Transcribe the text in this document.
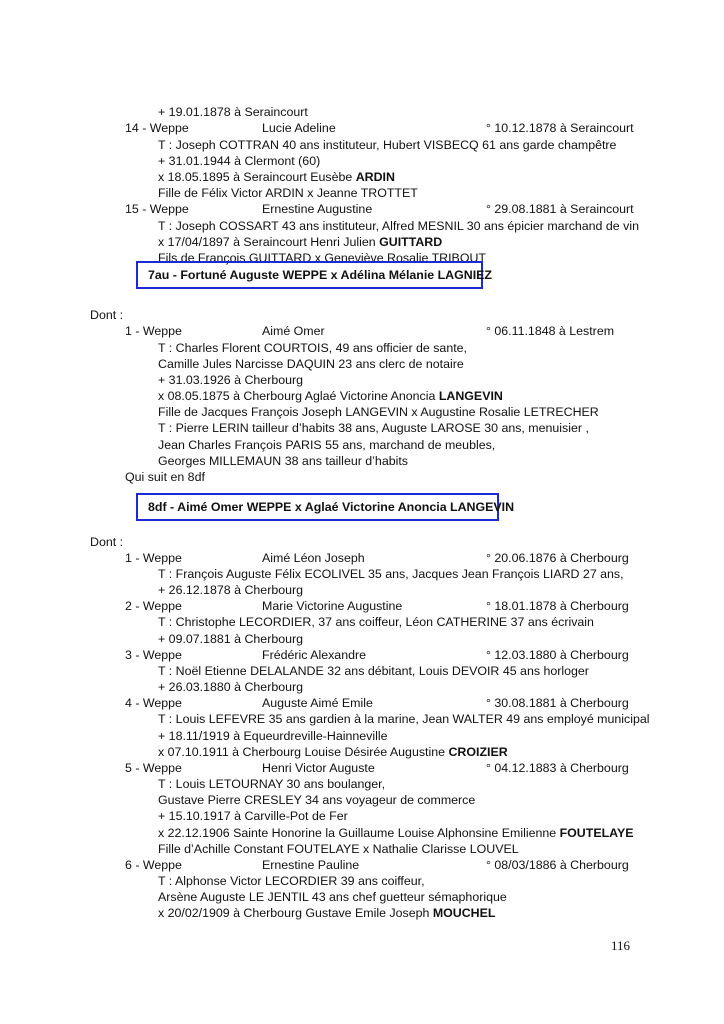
+ 19.01.1878 à Seraincourt
14 - Weppe	Lucie Adeline	° 10.12.1878 à Seraincourt
T : Joseph COTTRAN 40 ans instituteur, Hubert VISBECQ 61 ans garde champêtre
+ 31.01.1944 à Clermont (60)
x 18.05.1895 à Seraincourt Eusèbe ARDIN
Fille de Félix Victor ARDIN x Jeanne TROTTET
15 - Weppe	Ernestine Augustine	° 29.08.1881 à Seraincourt
T : Joseph COSSART 43 ans instituteur, Alfred MESNIL 30 ans épicier marchand de vin
x 17/04/1897 à Seraincourt Henri Julien GUITTARD
Fils de François GUITTARD x Geneviève Rosalie TRIBOUT
7au - Fortuné Auguste WEPPE x Adélina Mélanie LAGNIEZ
Dont :
1 - Weppe	Aimé Omer	° 06.11.1848 à Lestrem
T : Charles Florent COURTOIS, 49 ans officier de sante,
Camille Jules Narcisse DAQUIN 23 ans clerc de notaire
+ 31.03.1926 à Cherbourg
x 08.05.1875 à Cherbourg Aglaé Victorine Anoncia LANGEVIN
Fille de Jacques François Joseph LANGEVIN x Augustine Rosalie LETRECHER
T : Pierre LERIN tailleur d’habits 38 ans, Auguste LAROSE 30 ans, menuisier ,
Jean Charles François PARIS 55 ans, marchand de meubles,
Georges MILLEMAUN 38 ans tailleur d’habits
Qui suit en 8df
8df - Aimé Omer WEPPE x Aglaé Victorine Anoncia LANGEVIN
Dont :
1 - Weppe	Aimé Léon Joseph	° 20.06.1876 à Cherbourg
T : François Auguste Félix ECOLIVEL 35 ans, Jacques Jean François LIARD 27 ans,
+ 26.12.1878 à Cherbourg
2 - Weppe	Marie Victorine Augustine	° 18.01.1878 à Cherbourg
T : Christophe LECORDIER, 37 ans coiffeur, Léon CATHERINE 37 ans écrivain
+ 09.07.1881 à Cherbourg
3 - Weppe	Frédéric Alexandre	° 12.03.1880 à Cherbourg
T : Noël Etienne DELALANDE 32 ans débitant, Louis DEVOIR 45 ans horloger
+ 26.03.1880 à Cherbourg
4 - Weppe	Auguste Aimé Emile	° 30.08.1881 à Cherbourg
T : Louis LEFEVRE 35 ans gardien à la marine, Jean WALTER 49 ans employé municipal
+ 18.11/1919 à Equeurdreville-Hainneville
x 07.10.1911 à Cherbourg Louise Désirée Augustine CROIZIER
5 - Weppe	Henri Victor Auguste	° 04.12.1883 à Cherbourg
T : Louis LETOURNAY 30 ans boulanger,
Gustave Pierre CRESLEY 34 ans voyageur de commerce
+ 15.10.1917 à Carville-Pot de Fer
x 22.12.1906 Sainte Honorine la Guillaume Louise Alphonsine Emilienne FOUTELAYE
Fille d’Achille Constant FOUTELAYE x Nathalie Clarisse LOUVEL
6 - Weppe	Ernestine Pauline	° 08/03/1886 à Cherbourg
T : Alphonse Victor LECORDIER 39 ans coiffeur,
Arsène Auguste LE JENTIL 43 ans chef guetteur sémaphorique
x 20/02/1909 à Cherbourg Gustave Emile Joseph MOUCHEL
116
